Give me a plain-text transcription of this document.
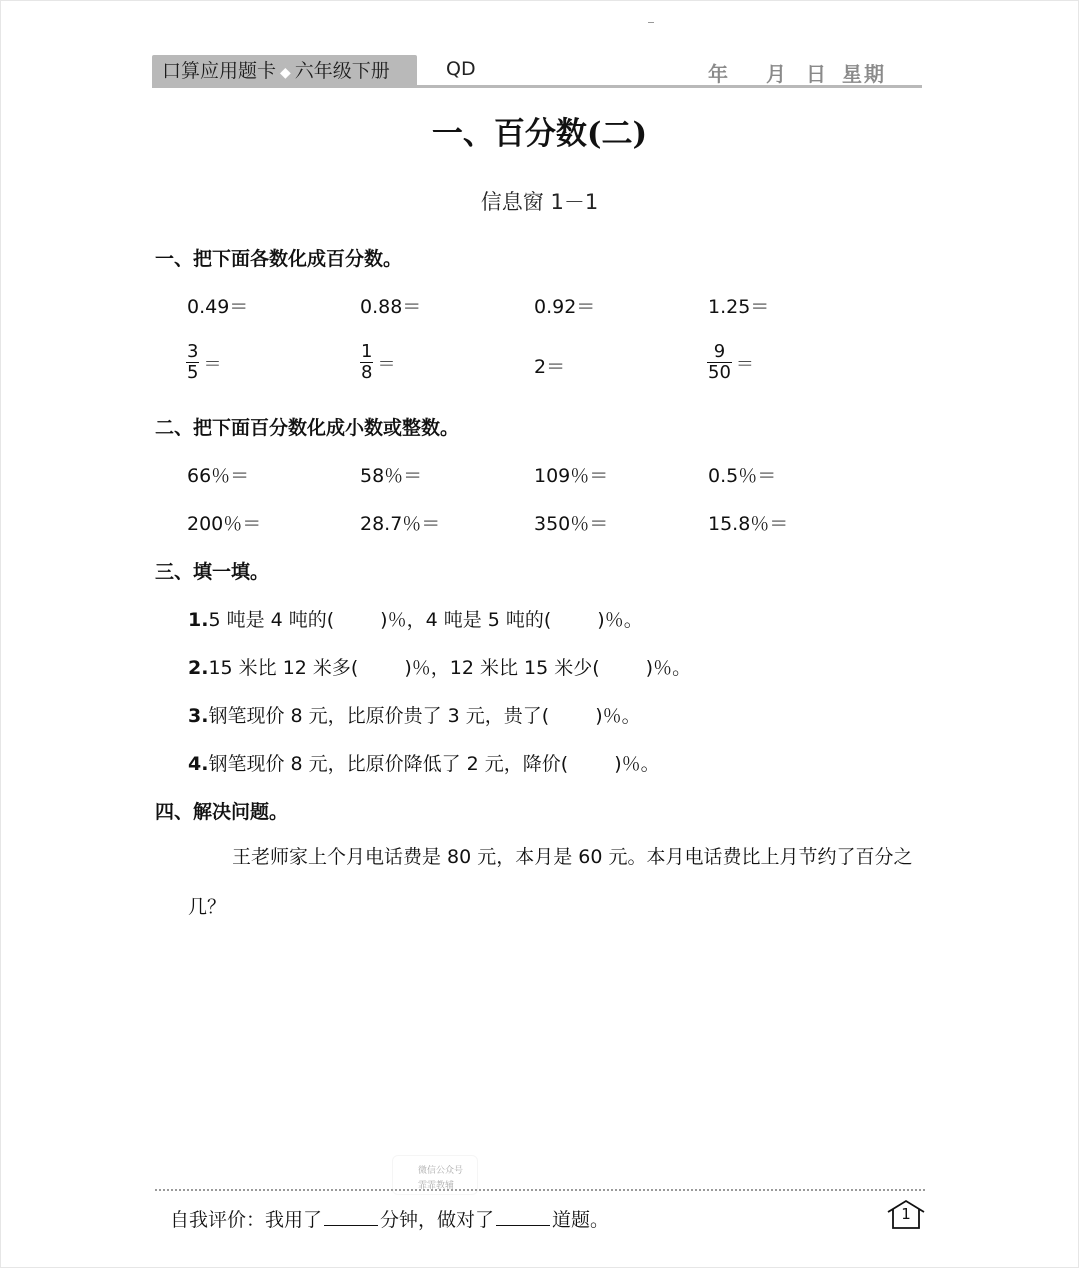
口算应用题卡 ◆ 六年级下册	QD	年 月 日 星期
一、百分数(二)
信息窗 1－1
一、把下面各数化成百分数。
0.49＝	0.88＝	0.92＝	1.25＝
$\frac{3}{5}$ ＝	$\frac{1}{8}$ ＝	2＝	$\frac{9}{50}$ ＝
二、把下面百分数化成小数或整数。
66％＝	58％＝	109％＝	0.5％＝
200％＝	28.7％＝	350％＝	15.8％＝
三、填一填。
1.5 吨是 4 吨的( )％，4 吨是 5 吨的( )％。
2.15 米比 12 米多( )％，12 米比 15 米少( )％。
3.钢笔现价 8 元，比原价贵了 3 元，贵了( )％。
4.钢笔现价 8 元，比原价降低了 2 元，降价( )％。
四、解决问题。
王老师家上个月电话费是 80 元，本月是 60 元。本月电话费比上月节约了百分之几？
微信公众号
霏霏教辅
自我评价：我用了	分钟，做对了	道题。	1
